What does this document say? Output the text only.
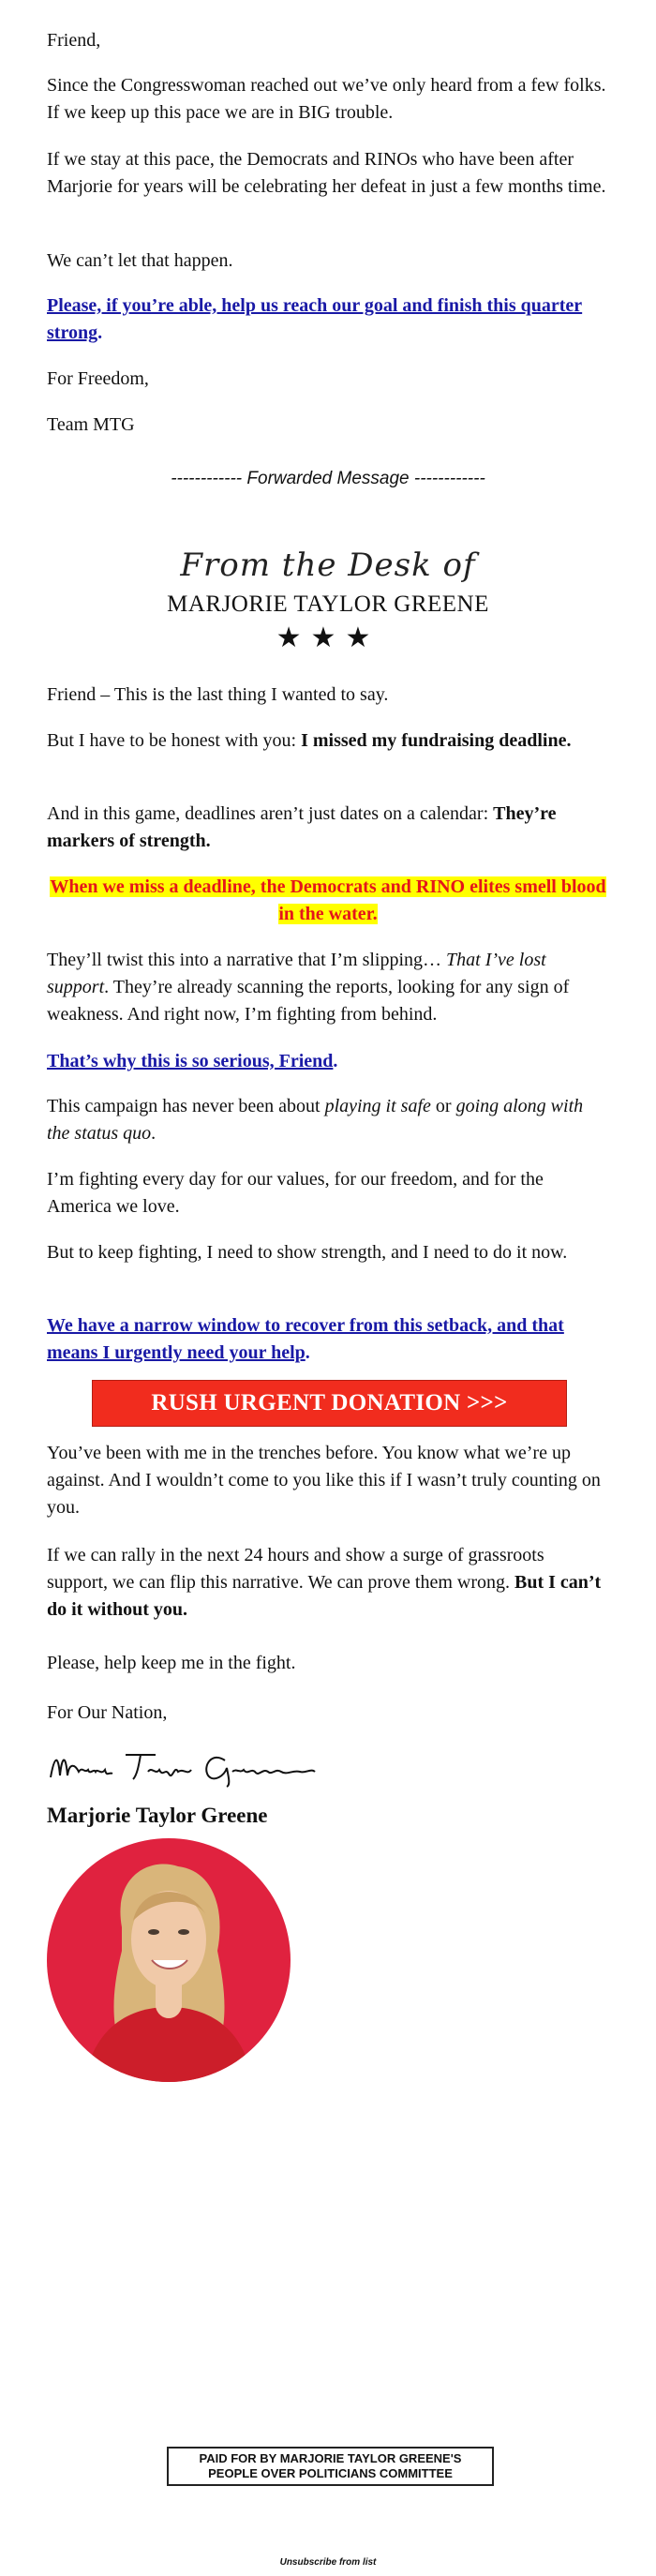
Friend,

Since the Congresswoman reached out we’ve only heard from a few folks. If we keep up this pace we are in BIG trouble.

If we stay at this pace, the Democrats and RINOs who have been after Marjorie for years will be celebrating her defeat in just a few months time.

We can’t let that happen.

Please, if you’re able, help us reach our goal and finish this quarter strong.

For Freedom,

Team MTG

------------ Forwarded Message ------------
From the Desk of
MARJORIE TAYLOR GREENE
★★★

Friend – This is the last thing I wanted to say.

But I have to be honest with you: I missed my fundraising deadline.

And in this game, deadlines aren’t just dates on a calendar: They’re markers of strength.

When we miss a deadline, the Democrats and RINO elites smell blood in the water.

They’ll twist this into a narrative that I’m slipping… That I’ve lost support. They’re already scanning the reports, looking for any sign of weakness. And right now, I’m fighting from behind.

That’s why this is so serious, Friend.

This campaign has never been about playing it safe or going along with the status quo.

I’m fighting every day for our values, for our freedom, and for the America we love.

But to keep fighting, I need to show strength, and I need to do it now.

We have a narrow window to recover from this setback, and that means I urgently need your help.

RUSH URGENT DONATION >>>

You’ve been with me in the trenches before. You know what we’re up against. And I wouldn’t come to you like this if I wasn’t truly counting on you.

If we can rally in the next 24 hours and show a surge of grassroots support, we can flip this narrative. We can prove them wrong. But I can’t do it without you.

Please, help keep me in the fight.

For Our Nation,

Marjorie Taylor Greene
PAID FOR BY MARJORIE TAYLOR GREENE'S
PEOPLE OVER POLITICIANS COMMITTEE
Unsubscribe from list
